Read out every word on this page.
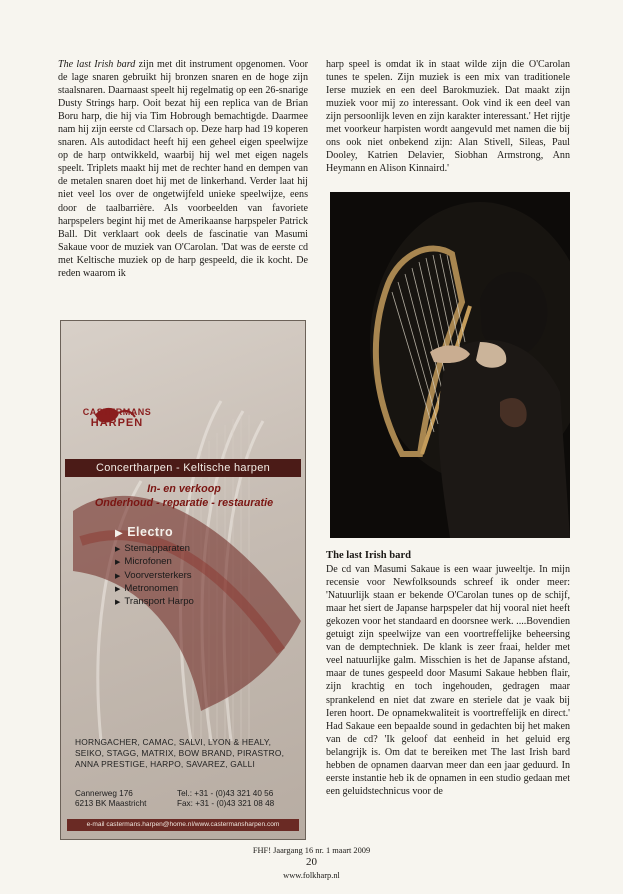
The last Irish bard zijn met dit instrument opgenomen. Voor de lage snaren gebruikt hij bronzen snaren en de hoge zijn staalsnaren. Daarnaast speelt hij regelmatig op een 26-snarige Dusty Strings harp. Ooit bezat hij een replica van de Brian Boru harp, die hij via Tim Hobrough bemachtigde. Daarmee nam hij zijn eerste cd Clarsach op. Deze harp had 19 koperen snaren. Als autodidact heeft hij een geheel eigen speelwijze op de harp ontwikkeld, waarbij hij wel met eigen nagels speelt. Triplets maakt hij met de rechter hand en dempen van de metalen snaren doet hij met de linkerhand. Verder laat hij niet veel los over de ongetwijfeld unieke speelwijze, eens door de taalbarrière. Als voorbeelden van favoriete harpspelers begint hij met de Amerikaanse harpspeler Patrick Ball. Dit verklaart ook deels de fascinatie van Masumi Sakaue voor de muziek van O'Carolan. 'Dat was de eerste cd met Keltische muziek op de harp gespeeld, die ik kocht. De reden waarom ik

harp speel is omdat ik in staat wilde zijn die O'Carolan tunes te spelen. Zijn muziek is een mix van traditionele Ierse muziek en een deel Barokmuziek. Dat maakt zijn muziek voor mij zo interessant. Ook vind ik een deel van zijn persoonlijk leven en zijn karakter interessant.' Het rijtje met voorkeur harpisten wordt aangevuld met namen die bij ons ook niet onbekend zijn: Alan Stivell, Sileas, Paul Dooley, Katrien Delavier, Siobhan Armstrong, Ann Heymann en Alison Kinnaird.'

The last Irish bard

De cd van Masumi Sakaue is een waar juweeltje. In mijn recensie voor Newfolksounds schreef ik onder meer: 'Natuurlijk staan er bekende O'Carolan tunes op de schijf, maar het siert de Japanse harpspeler dat hij vooral niet heeft gekozen voor het standaard en doorsnee werk. ....Bovendien getuigt zijn speelwijze van een voortreffelijke beheersing van de demptechniek. De klank is zeer fraai, helder met veel natuurlijke galm. Misschien is het de Japanse afstand, maar de tunes gespeeld door Masumi Sakaue hebben flair, zijn krachtig en toch ingehouden, gedragen maar sprankelend en niet dat zware en steriele dat je vaak bij Ieren hoort. De opnamekwaliteit is voortreffelijk en direct.' Had Sakaue een bepaalde sound in gedachten bij het maken van de cd? 'Ik geloof dat eenheid in het geluid erg belangrijk is. Om dat te bereiken met The last Irish bard hebben de opnamen daarvan meer dan een jaar geduurd. In eerste instantie heb ik de opnamen in een studio gedaan met een geluidstechnicus voor de

CASTERMANS
HARPEN
Concertharpen - Keltische harpen
In- en verkoop
Onderhoud - reparatie - restauratie
▶ Electro
▶ Stemapparaten
▶ Microfonen
▶ Voorversterkers
▶ Metronomen
▶ Transport Harpo
HORNGACHER, CAMAC, SALVI, LYON & HEALY, SEIKO, STAGG, MATRIX, BOW BRAND, PIRASTRO, ANNA PRESTIGE, HARPO, SAVAREZ, GALLI
Cannerweg 176
6213 BK Maastricht
Tel.: +31 - (0)43 321 40 56
Fax: +31 - (0)43 321 08 48
e-mail castermans.harpen@home.nl/www.castermansharpen.com
FHF! Jaargang 16 nr. 1 maart 2009
20
www.folkharp.nl
